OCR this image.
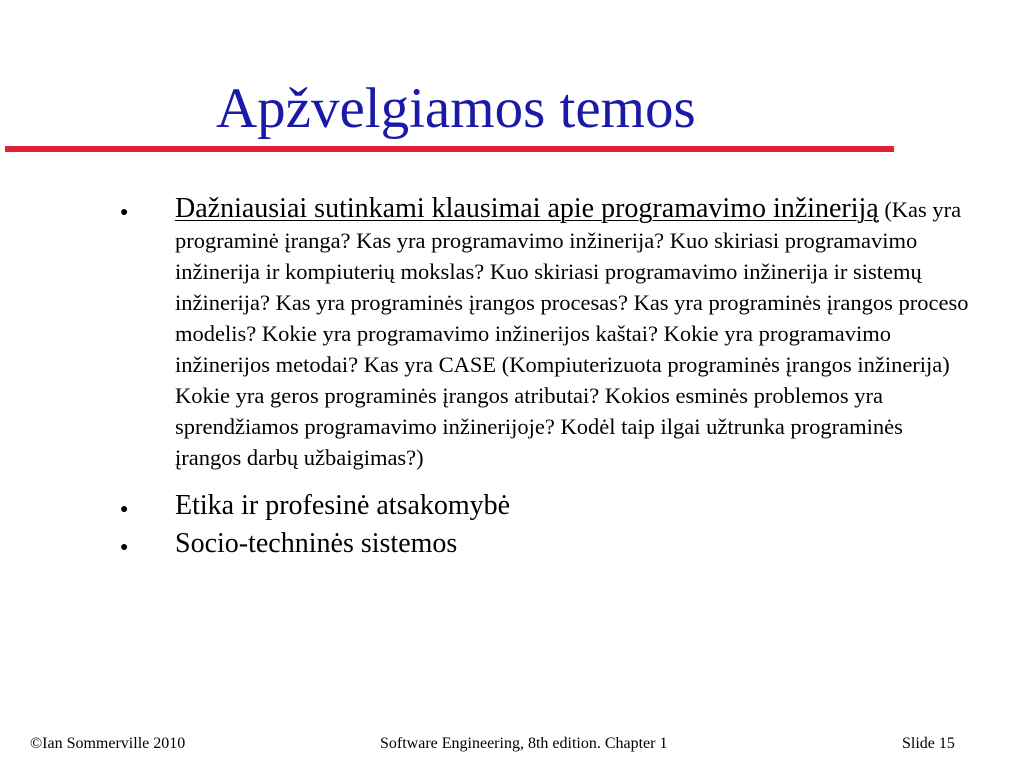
Apžvelgiamos temos
● Dažniausiai sutinkami klausimai apie programavimo inžineriją (Kas yra programinė įranga? Kas yra programavimo inžinerija? Kuo skiriasi programavimo inžinerija ir kompiuterių mokslas? Kuo skiriasi programavimo inžinerija ir sistemų inžinerija? Kas yra programinės įrangos procesas? Kas yra programinės įrangos proceso modelis? Kokie yra programavimo inžinerijos kaštai? Kokie yra programavimo inžinerijos metodai? Kas yra CASE (Kompiuterizuota programinės įrangos inžinerija) Kokie yra geros programinės įrangos atributai? Kokios esminės problemos yra sprendžiamos programavimo inžinerijoje? Kodėl taip ilgai užtrunka programinės įrangos darbų užbaigimas?)
● Etika ir profesinė atsakomybė
● Socio-techninės sistemos
©Ian Sommerville 2010	Software Engineering, 8th edition. Chapter 1	Slide 15
